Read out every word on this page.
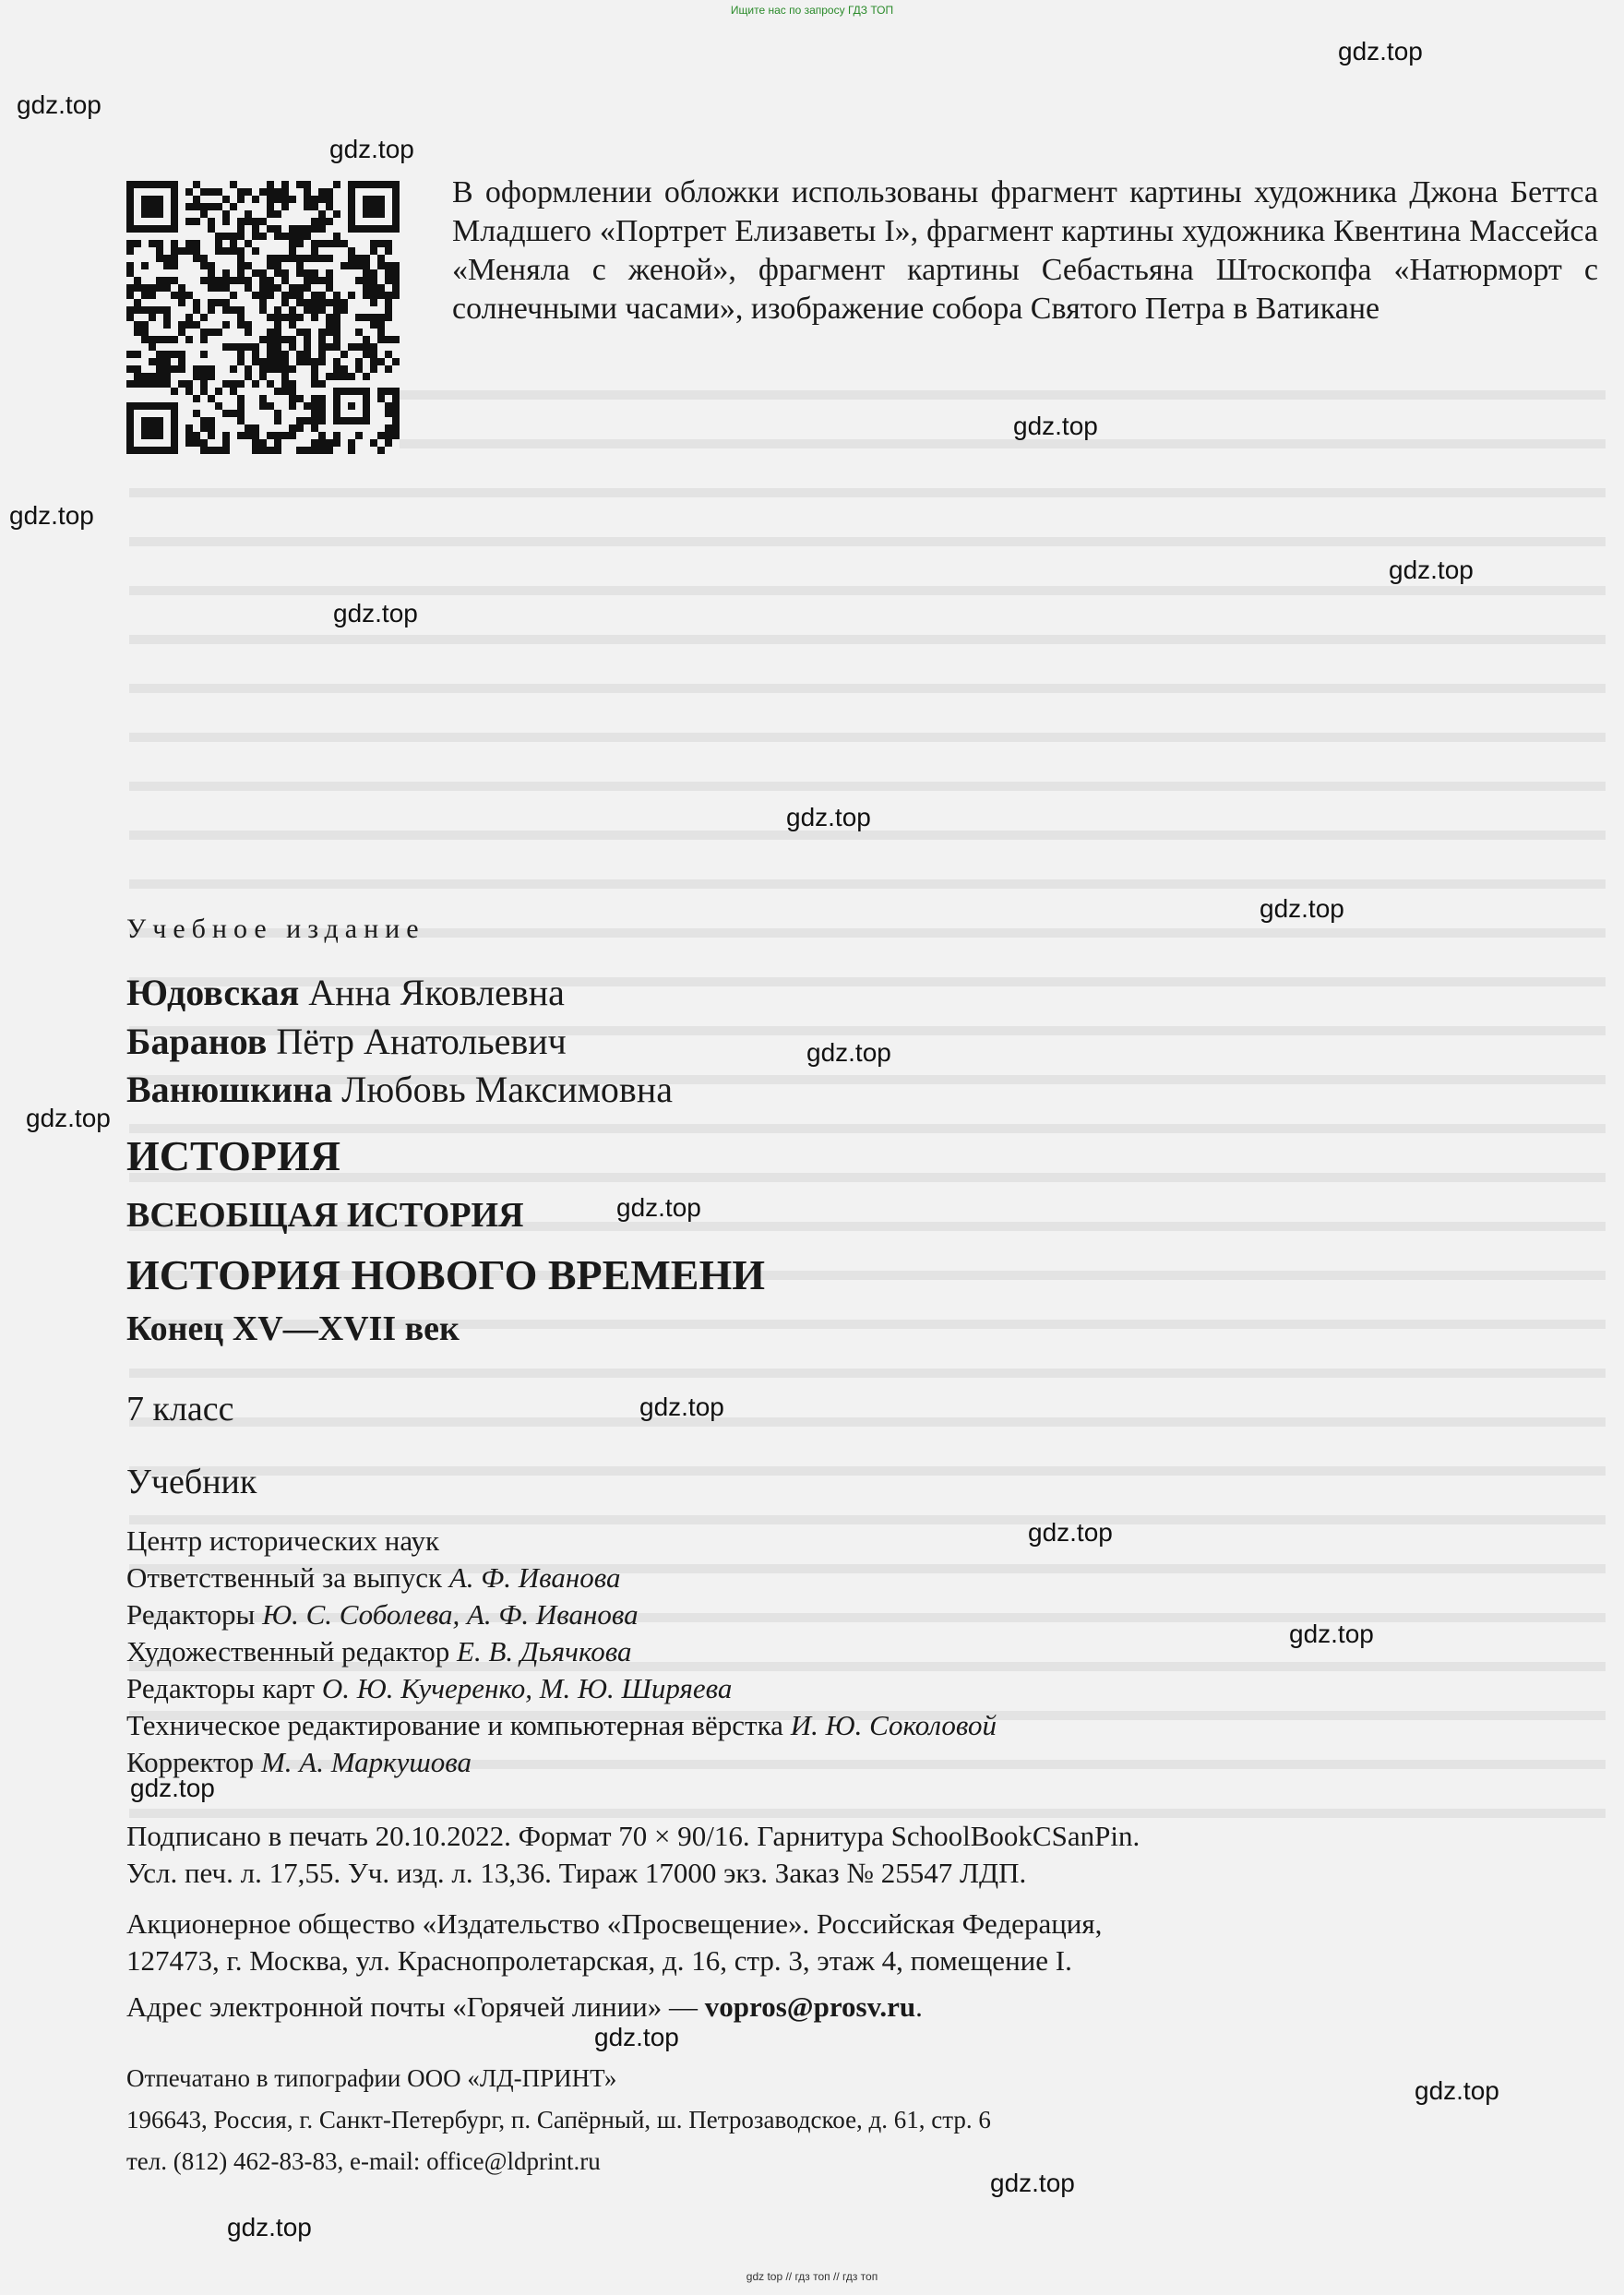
Ищите нас по запросу ГДЗ ТОП
gdz.top
gdz.top
gdz.top
gdz.top
gdz.top
gdz.top
gdz.top
gdz.top
gdz.top
gdz.top
gdz.top
gdz.top
gdz.top
gdz.top
gdz.top
gdz.top
gdz.top
gdz.top
gdz.top
gdz.top
В оформлении обложки использованы фрагмент картины художника Джона Беттса Младшего «Портрет Елизаветы I», фрагмент картины художника Квентина Массейса «Меняла с женой», фрагмент картины Себастьяна Штоскопфа «Натюрморт с солнечными часами», изображение собора Святого Петра в Ватикане
Учебное издание
Юдовская Анна Яковлевна
Баранов Пётр Анатольевич
Ванюшкина Любовь Максимовна
ИСТОРИЯ
ВСЕОБЩАЯ ИСТОРИЯ
ИСТОРИЯ НОВОГО ВРЕМЕНИ
Конец XV—XVII век
7 класс
Учебник
Центр исторических наук
Ответственный за выпуск А. Ф. Иванова
Редакторы Ю. С. Соболева, А. Ф. Иванова
Художественный редактор Е. В. Дьячкова
Редакторы карт О. Ю. Кучеренко, М. Ю. Ширяева
Техническое редактирование и компьютерная вёрстка И. Ю. Соколовой
Корректор М. А. Маркушова
Подписано в печать 20.10.2022. Формат 70 × 90/16. Гарнитура SchoolBookCSanPin.
Усл. печ. л. 17,55. Уч. изд. л. 13,36. Тираж 17000 экз. Заказ № 25547 ЛДП.
Акционерное общество «Издательство «Просвещение». Российская Федерация,
127473, г. Москва, ул. Краснопролетарская, д. 16, стр. 3, этаж 4, помещение I.
Адрес электронной почты «Горячей линии» — vopros@prosv.ru.
Отпечатано в типографии ООО «ЛД-ПРИНТ»
196643, Россия, г. Санкт-Петербург, п. Сапёрный, ш. Петрозаводское, д. 61, стр. 6
тел. (812) 462-83-83, e-mail: office@ldprint.ru
gdz top // гдз топ // гдз топ
